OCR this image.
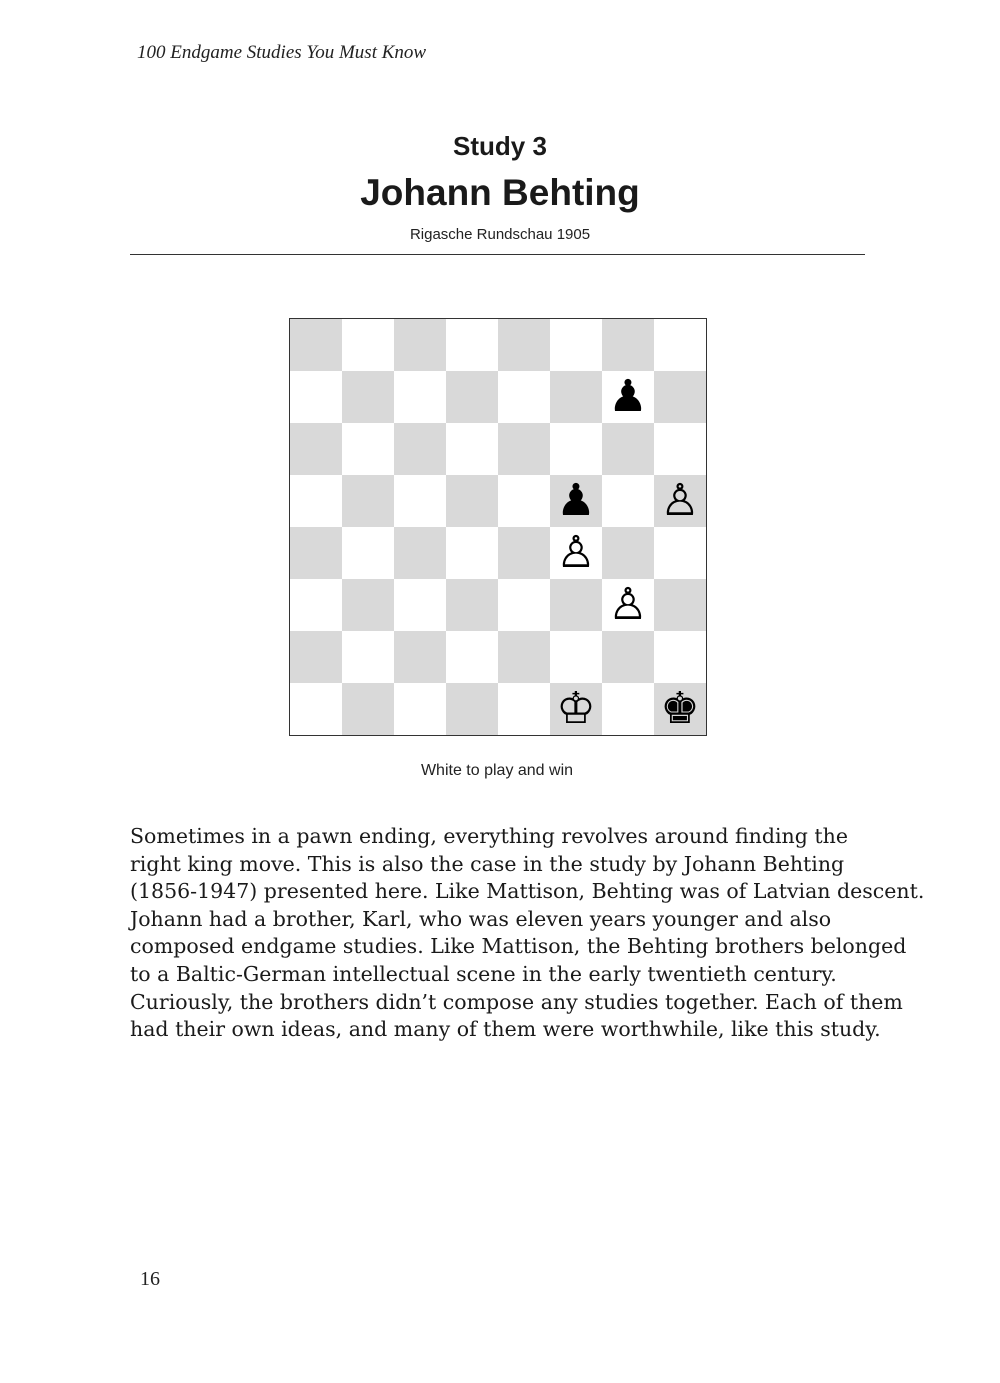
100 Endgame Studies You Must Know
Study 3
Johann Behting
Rigasche Rundschau 1905
♟
♟ ♙
♙
♙
♔ ♚
White to play and win
Sometimes in a pawn ending, everything revolves around finding the
right king move. This is also the case in the study by Johann Behting
(1856-1947) presented here. Like Mattison, Behting was of Latvian descent.
Johann had a brother, Karl, who was eleven years younger and also
composed endgame studies. Like Mattison, the Behting brothers belonged
to a Baltic-German intellectual scene in the early twentieth century.
Curiously, the brothers didn’t compose any studies together. Each of them
had their own ideas, and many of them were worthwhile, like this study.
16
